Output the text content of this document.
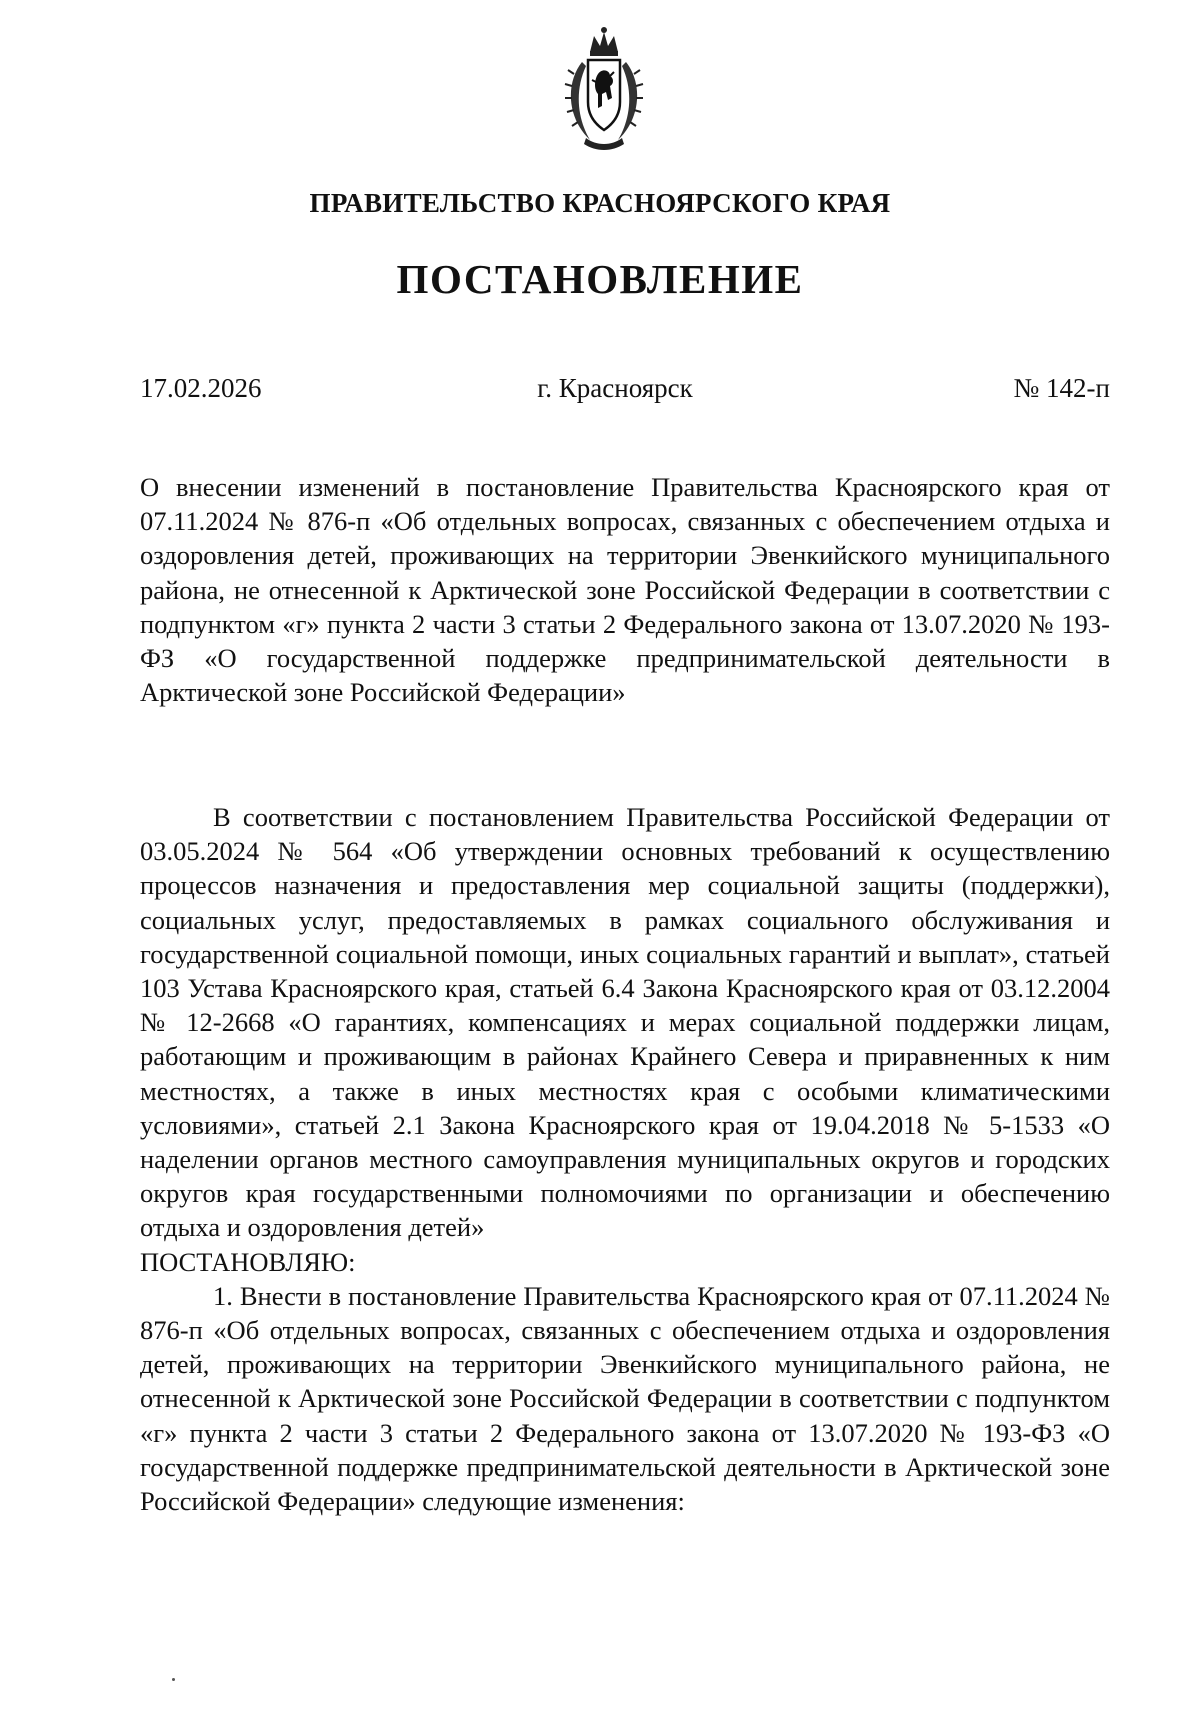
ПРАВИТЕЛЬСТВО КРАСНОЯРСКОГО КРАЯ
ПОСТАНОВЛЕНИЕ
17.02.2026	г. Красноярск	№ 142-п
О внесении изменений в постановление Правительства Красноярского края от 07.11.2024 № 876-п «Об отдельных вопросах, связанных с обеспечением отдыха и оздоровления детей, проживающих на территории Эвенкийского муниципального района, не отнесенной к Арктической зоне Российской Федерации в соответствии с подпунктом «г» пункта 2 части 3 статьи 2 Федерального закона от 13.07.2020 № 193-ФЗ «О государственной поддержке предпринимательской деятельности в Арктической зоне Российской Федерации»

В соответствии с постановлением Правительства Российской Федерации от 03.05.2024 № 564 «Об утверждении основных требований к осуществлению процессов назначения и предоставления мер социальной защиты (поддержки), социальных услуг, предоставляемых в рамках социального обслуживания и государственной социальной помощи, иных социальных гарантий и выплат», статьей 103 Устава Красноярского края, статьей 6.4 Закона Красноярского края от 03.12.2004 № 12-2668 «О гарантиях, компенсациях и мерах социальной поддержки лицам, работающим и проживающим в районах Крайнего Севера и приравненных к ним местностях, а также в иных местностях края с особыми климатическими условиями», статьей 2.1 Закона Красноярского края от 19.04.2018 № 5-1533 «О наделении органов местного самоуправления муниципальных округов и городских округов края государственными полномочиями по организации и обеспечению отдыха и оздоровления детей»

ПОСТАНОВЛЯЮ:

1. Внести в постановление Правительства Красноярского края от 07.11.2024 № 876-п «Об отдельных вопросах, связанных с обеспечением отдыха и оздоровления детей, проживающих на территории Эвенкийского муниципального района, не отнесенной к Арктической зоне Российской Федерации в соответствии с подпунктом «г» пункта 2 части 3 статьи 2 Федерального закона от 13.07.2020 № 193-ФЗ «О государственной поддержке предпринимательской деятельности в Арктической зоне Российской Федерации» следующие изменения:
